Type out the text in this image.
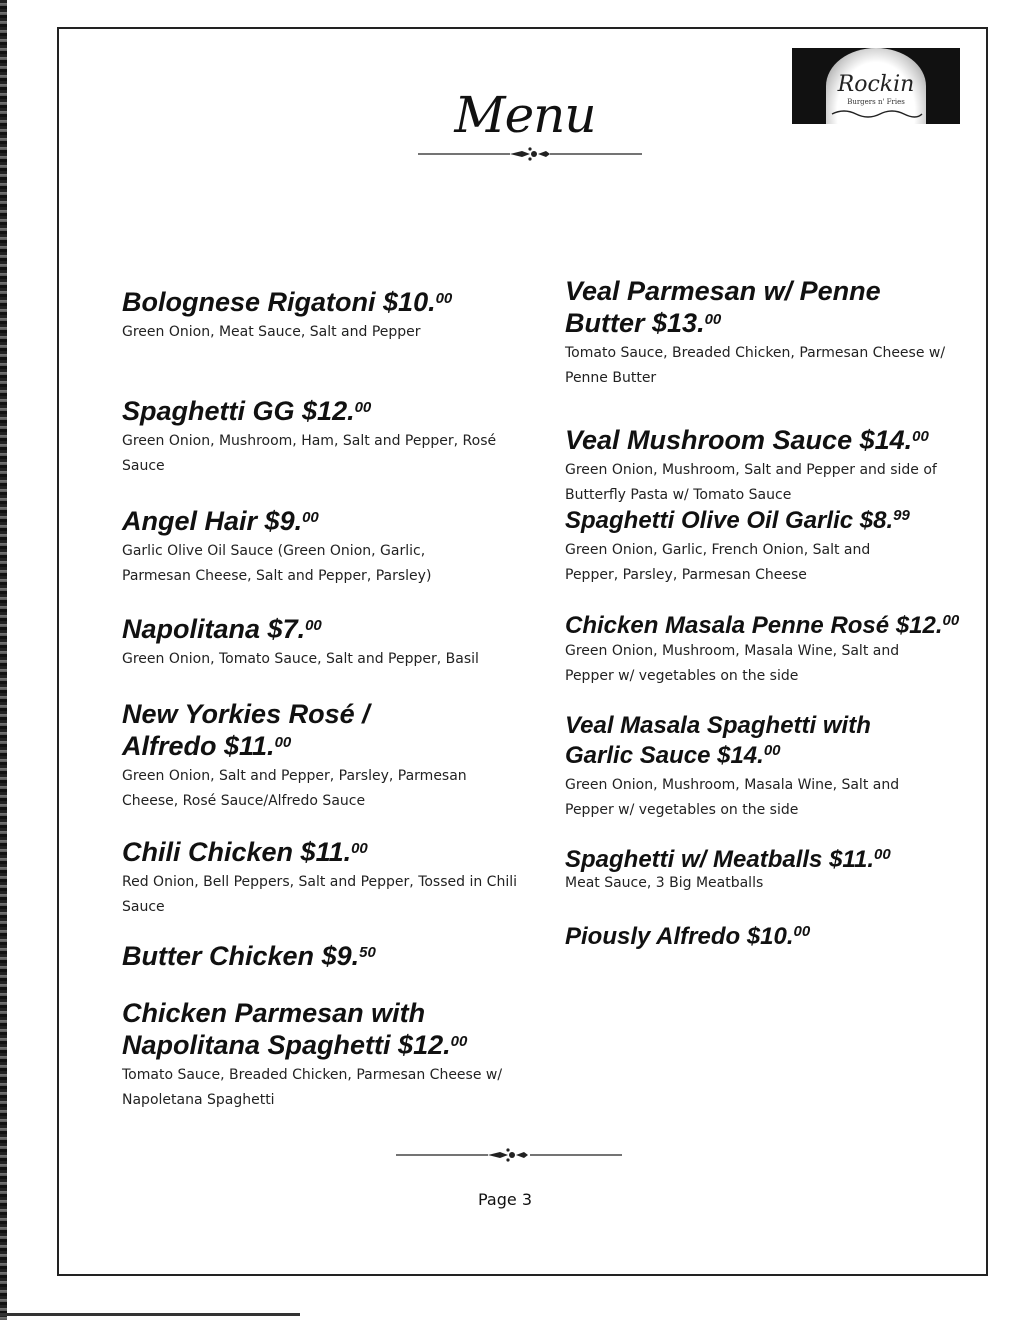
Menu
Rockin
Burgers n' Fries
Bolognese Rigatoni $10.00
Green Onion, Meat Sauce, Salt and Pepper
Spaghetti GG $12.00
Green Onion, Mushroom, Ham, Salt and Pepper, Rosé Sauce
Angel Hair $9.00
Garlic Olive Oil Sauce (Green Onion, Garlic, Parmesan Cheese, Salt and Pepper, Parsley)
Napolitana $7.00
Green Onion, Tomato Sauce, Salt and Pepper, Basil
New Yorkies Rosé / Alfredo $11.00
Green Onion, Salt and Pepper, Parsley, Parmesan Cheese, Rosé Sauce/Alfredo Sauce
Chili Chicken $11.00
Red Onion, Bell Peppers, Salt and Pepper, Tossed in Chili Sauce
Butter Chicken $9.50
Chicken Parmesan with Napolitana Spaghetti $12.00
Tomato Sauce, Breaded Chicken, Parmesan Cheese w/ Napoletana Spaghetti
Veal Parmesan w/ Penne Butter $13.00
Tomato Sauce, Breaded Chicken, Parmesan Cheese w/ Penne Butter
Veal Mushroom Sauce $14.00
Green Onion, Mushroom, Salt and Pepper and side of Butterfly Pasta w/ Tomato Sauce
Spaghetti Olive Oil Garlic $8.99
Green Onion, Garlic, French Onion, Salt and Pepper, Parsley, Parmesan Cheese
Chicken Masala Penne Rosé $12.00
Green Onion, Mushroom, Masala Wine, Salt and Pepper w/ vegetables on the side
Veal Masala Spaghetti with Garlic Sauce $14.00
Green Onion, Mushroom, Masala Wine, Salt and Pepper w/ vegetables on the side
Spaghetti w/ Meatballs $11.00
Meat Sauce, 3 Big Meatballs
Piously Alfredo $10.00
Page 3
